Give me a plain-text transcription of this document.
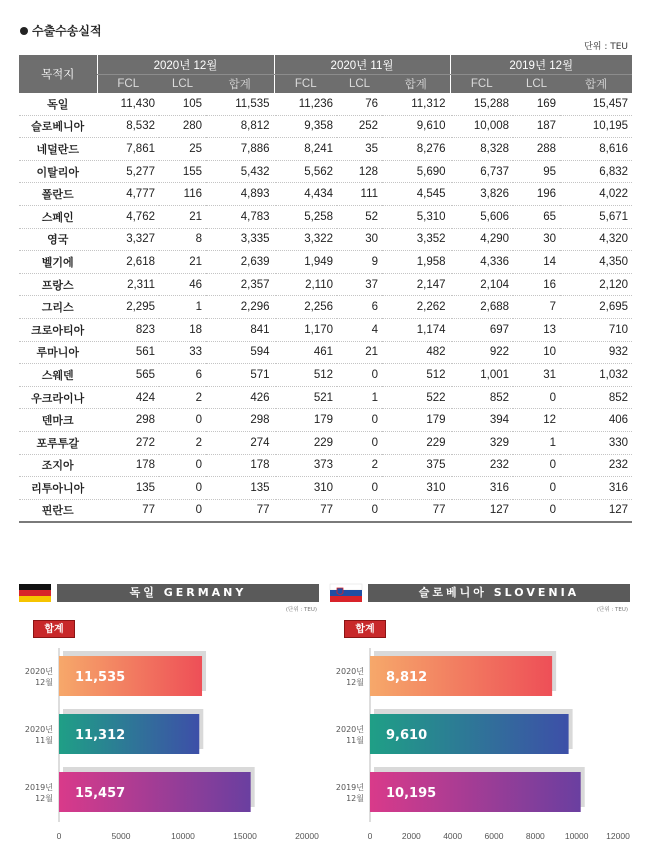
수출수송실적
단위 : TEU
목적지	2020년 12월			2020년 11월			2019년 12월		
	FCL	LCL	합계	FCL	LCL	합계	FCL	LCL	합계
독일	11,430	105	11,535	11,236	76	11,312	15,288	169	15,457
슬로베니아	8,532	280	8,812	9,358	252	9,610	10,008	187	10,195
네덜란드	7,861	25	7,886	8,241	35	8,276	8,328	288	8,616
이탈리아	5,277	155	5,432	5,562	128	5,690	6,737	95	6,832
폴란드	4,777	116	4,893	4,434	111	4,545	3,826	196	4,022
스페인	4,762	21	4,783	5,258	52	5,310	5,606	65	5,671
영국	3,327	8	3,335	3,322	30	3,352	4,290	30	4,320
벨기에	2,618	21	2,639	1,949	9	1,958	4,336	14	4,350
프랑스	2,311	46	2,357	2,110	37	2,147	2,104	16	2,120
그리스	2,295	1	2,296	2,256	6	2,262	2,688	7	2,695
크로아티아	823	18	841	1,170	4	1,174	697	13	710
루마니아	561	33	594	461	21	482	922	10	932
스웨덴	565	6	571	512	0	512	1,001	31	1,032
우크라이나	424	2	426	521	1	522	852	0	852
덴마크	298	0	298	179	0	179	394	12	406
포루투갈	272	2	274	229	0	229	329	1	330
조지아	178	0	178	373	2	375	232	0	232
리투아니아	135	0	135	310	0	310	316	0	316
핀란드	77	0	77	77	0	77	127	0	127
독일 GERMANY
(단위 : TEU)
합계
11,535
2020년
12월
11,312
2020년
11월
15,457
2019년
12월
0	5000	10000	15000	20000
슬로베니아 SLOVENIA
(단위 : TEU)
합계
8,812
2020년
12월
9,610
2020년
11월
10,195
2019년
12월
0	2000	4000	6000	8000 10000 12000
